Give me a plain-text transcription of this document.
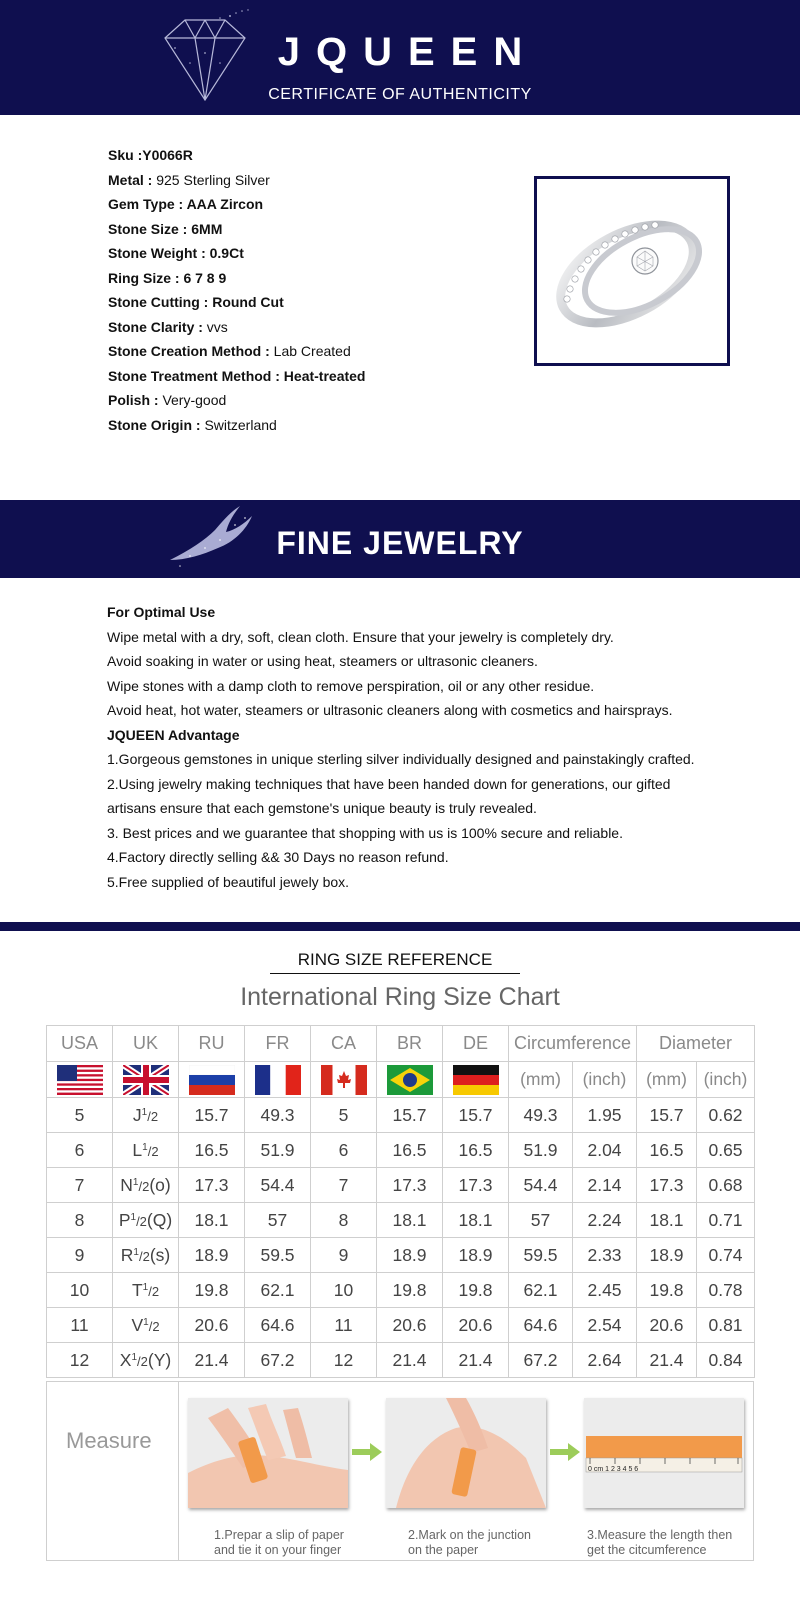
JQUEEN
CERTIFICATE OF AUTHENTICITY
Sku :Y0066R
Metal : 925 Sterling Silver
Gem Type : AAA Zircon
Stone Size : 6MM
Stone Weight : 0.9Ct
Ring Size : 6 7 8 9
Stone Cutting : Round Cut
Stone Clarity : vvs
Stone Creation Method : Lab Created
Stone Treatment Method : Heat-treated
Polish : Very-good
Stone Origin : Switzerland
FINE JEWELRY
For Optimal Use
Wipe metal with a dry, soft, clean cloth. Ensure that your jewelry is completely dry.
Avoid soaking in water or using heat, steamers or ultrasonic cleaners.
Wipe stones with a damp cloth to remove perspiration, oil or any other residue.
Avoid heat, hot water, steamers or ultrasonic cleaners along with cosmetics and hairsprays.
JQUEEN Advantage
1.Gorgeous gemstones in unique sterling silver individually designed and painstakingly crafted.
2.Using jewelry making techniques that have been handed down for generations, our gifted
artisans ensure that each gemstone's unique beauty is truly revealed.
3. Best prices and we guarantee that shopping with us is 100% secure and reliable.
4.Factory directly selling && 30 Days no reason refund.
5.Free supplied of beautiful jewely box.
RING SIZE REFERENCE
International Ring Size Chart
USA	UK	RU	FR	CA	BR	DE	Circumference		Diameter	
							(mm)	(inch)	(mm)	(inch)
5	$J^1/2$	15.7	49.3	5	15.7	15.7	49.3	1.95	15.7	0.62
6	$L^1/2$	16.5	51.9	6	16.5	16.5	51.9	2.04	16.5	0.65
7	$N^1/2(o)$	17.3	54.4	7	17.3	17.3	54.4	2.14	17.3	0.68
8	$P^1/2(Q)$	18.1	57	8	18.1	18.1	57	2.24	18.1	0.71
9	$R^1/2(s)$	18.9	59.5	9	18.9	18.9	59.5	2.33	18.9	0.74
10	$T^1/2$	19.8	62.1	10	19.8	19.8	62.1	2.45	19.8	0.78
11	$V^1/2$	20.6	64.6	11	20.6	20.6	64.6	2.54	20.6	0.81
12	$X^1/2(Y)$	21.4	67.2	12	21.4	21.4	67.2	2.64	21.4	0.84
Measure
0 cm 1 2 3 4 5 6
1.Prepar a slip of paper
and tie it on your finger
2.Mark on the junction
on the paper
3.Measure the length then
get the citcumference
